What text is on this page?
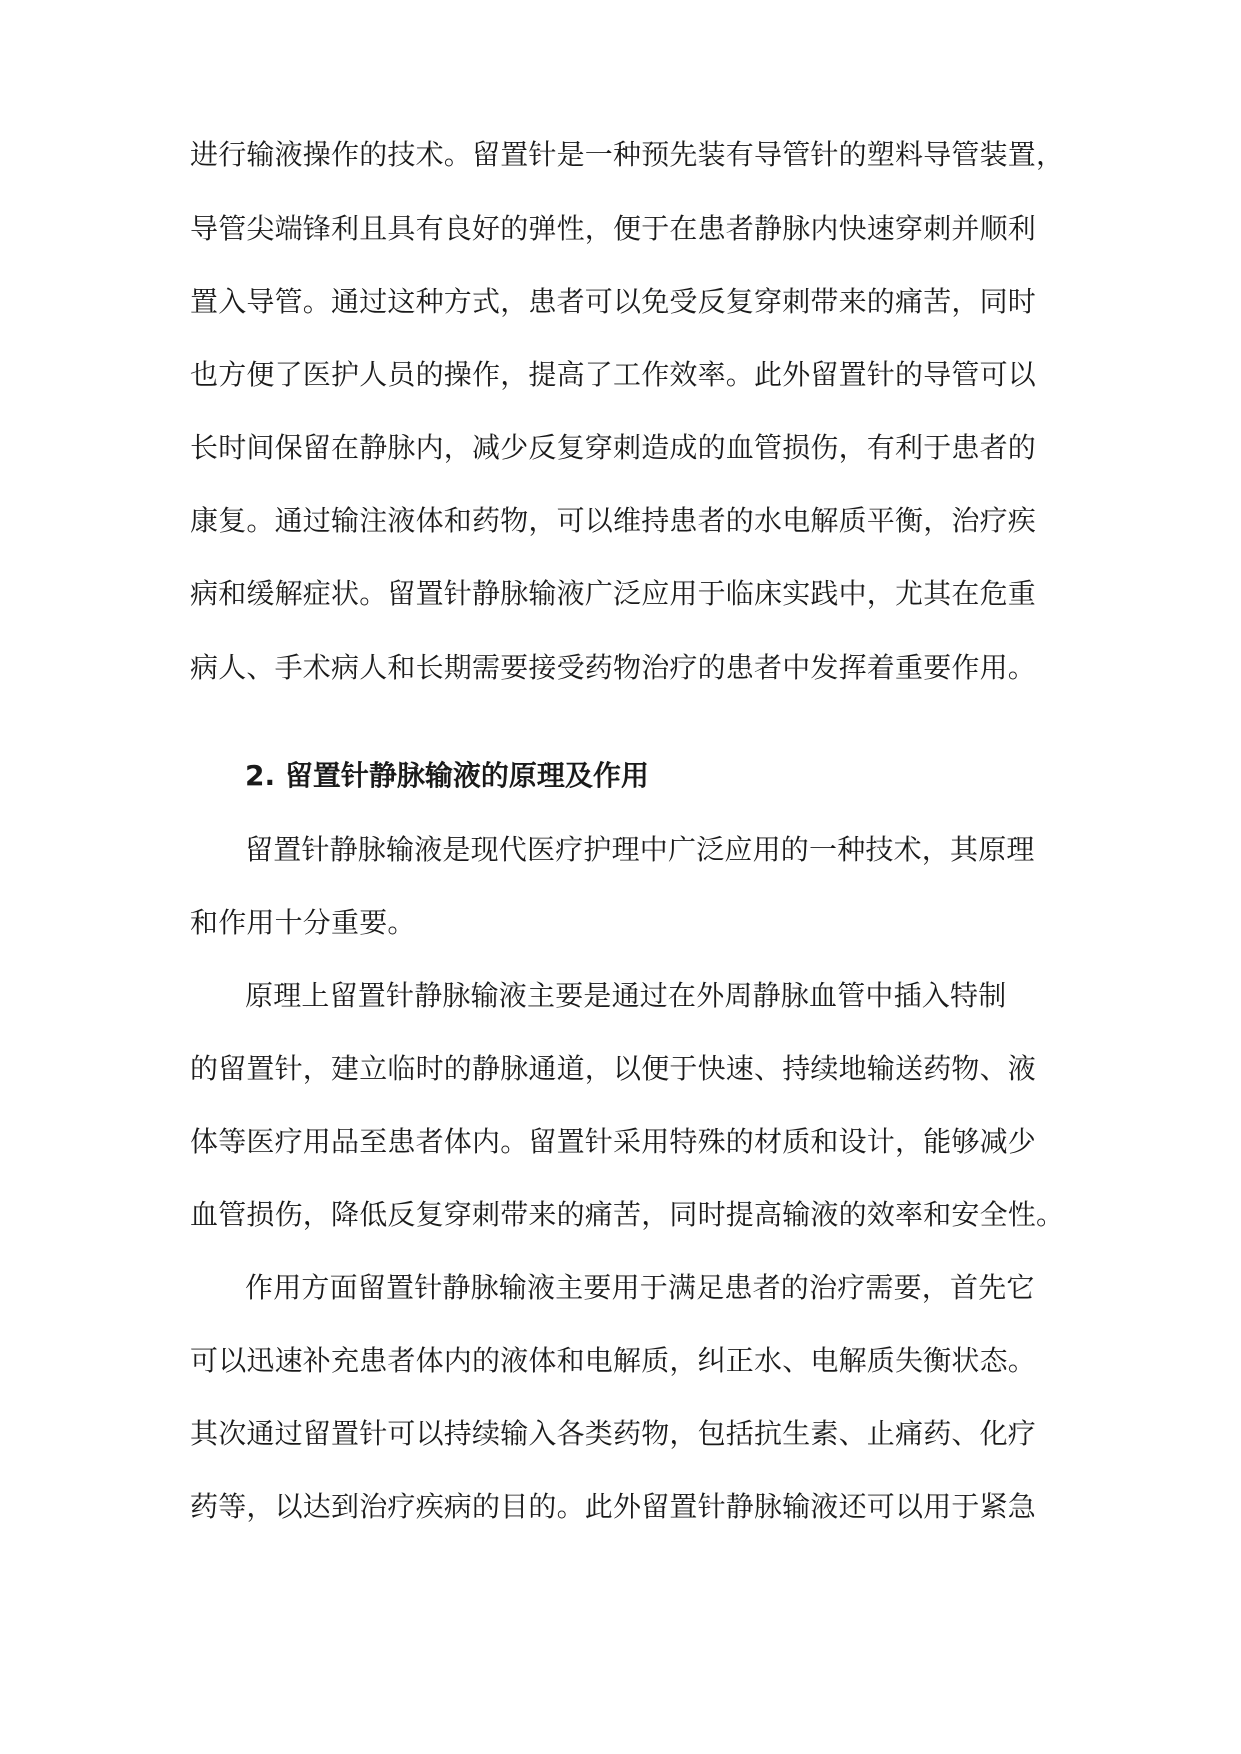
进行输液操作的技术。留置针是一种预先装有导管针的塑料导管装置，
导管尖端锋利且具有良好的弹性，便于在患者静脉内快速穿刺并顺利
置入导管。通过这种方式，患者可以免受反复穿刺带来的痛苦，同时
也方便了医护人员的操作，提高了工作效率。此外留置针的导管可以
长时间保留在静脉内，减少反复穿刺造成的血管损伤，有利于患者的
康复。通过输注液体和药物，可以维持患者的水电解质平衡，治疗疾
病和缓解症状。留置针静脉输液广泛应用于临床实践中，尤其在危重
病人、手术病人和长期需要接受药物治疗的患者中发挥着重要作用。
2. 留置针静脉输液的原理及作用
留置针静脉输液是现代医疗护理中广泛应用的一种技术，其原理
和作用十分重要。
原理上留置针静脉输液主要是通过在外周静脉血管中插入特制
的留置针，建立临时的静脉通道，以便于快速、持续地输送药物、液
体等医疗用品至患者体内。留置针采用特殊的材质和设计，能够减少
血管损伤，降低反复穿刺带来的痛苦，同时提高输液的效率和安全性。
作用方面留置针静脉输液主要用于满足患者的治疗需要，首先它
可以迅速补充患者体内的液体和电解质，纠正水、电解质失衡状态。
其次通过留置针可以持续输入各类药物，包括抗生素、止痛药、化疗
药等，以达到治疗疾病的目的。此外留置针静脉输液还可以用于紧急
